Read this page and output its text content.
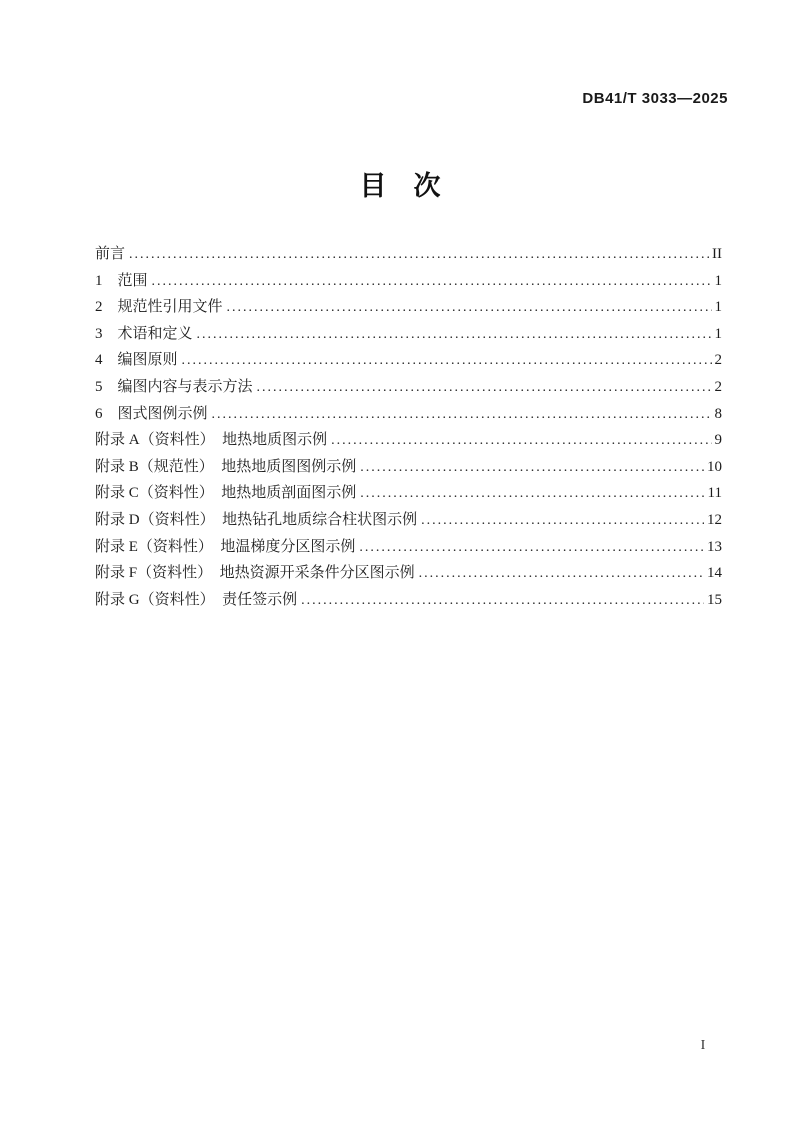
DB41/T 3033—2025
目　次
前言 .....	II
1　范围 .....	1
2　规范性引用文件 .....	1
3　术语和定义 .....	1
4　编图原则 .....	2
5　编图内容与表示方法 .....	2
6　图式图例示例 .....	8
附录 A（资料性）　地热地质图示例 .....	9
附录 B（规范性）　地热地质图图例示例 .....	10
附录 C（资料性）　地热地质剖面图示例 .....	11
附录 D（资料性）　地热钻孔地质综合柱状图示例 .....	12
附录 E（资料性）　地温梯度分区图示例 .....	13
附录 F（资料性）　地热资源开采条件分区图示例 .....	14
附录 G（资料性）　责任签示例 .....	15
I
